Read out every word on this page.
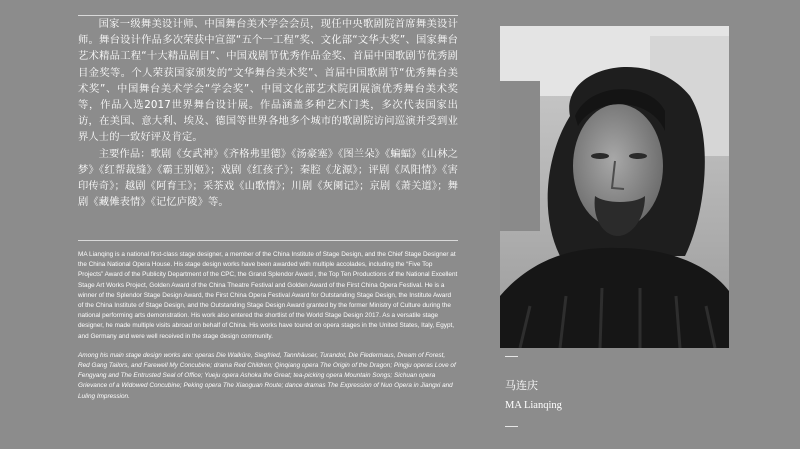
国家一级舞美设计师、中国舞台美术学会会员，现任中央歌剧院首席舞美设计师。舞台设计作品多次荣获中宣部“五个一工程”奖、文化部“文华大奖”、国家舞台艺术精品工程“十大精品剧目”、中国戏剧节优秀作品金奖、首届中国歌剧节优秀剧目金奖等。个人荣获国家颁发的“文华舞台美术奖”、首届中国歌剧节“优秀舞台美术奖”、中国舞台美术学会“学会奖”、中国文化部艺术院团展演优秀舞台美术奖等，作品入选2017世界舞台设计展。作品涵盖多种艺术门类，多次代表国家出访，在美国、意大利、埃及、德国等世界各地多个城市的歌剧院访问巡演并受到业界人士的一致好评及肯定。

主要作品：歌剧《女武神》《齐格弗里德》《汤豪塞》《图兰朵》《蝙蝠》《山林之梦》《红帮裁缝》《霸王别姬》；戏剧《红孩子》；秦腔《龙源》；评剧《凤阳情》《害印传奇》；越剧《阿育王》；采茶戏《山歌情》；川剧《灰阑记》；京剧《萧关道》；舞剧《藏傩表情》《记忆庐陵》等。

MA Lianqing is a national first-class stage designer, a member of the China Institute of Stage Design, and the Chief Stage Designer at the China National Opera House. His stage design works have been awarded with multiple accolades, including the “Five Top Projects” Award of the Publicity Department of the CPC, the Grand Splendor Award , the Top Ten Productions of the National Excellent Stage Art Works Project, Golden Award of the China Theatre Festival and Golden Award of the First China Opera Festival. He is a winner of the Splendor Stage Design Award, the First China Opera Festival Award for Outstanding Stage Design, the Institute Award of the China Institute of Stage Design, and the Outstanding Stage Design Award granted by the former Ministry of Culture during the national performing arts demonstration. His work also entered the shortlist of the World Stage Design 2017. As a versatile stage designer, he made multiple visits abroad on behalf of China. His works have toured on opera stages in the United States, Italy, Egypt, and Germany and were well received in the stage design community.

Among his main stage design works are: operas Die Walküre, Siegfried, Tannhäuser, Turandot, Die Fledermaus, Dream of Forest, Red Gang Tailors, and Farewell My Concubine; drama Red Children; Qinqiang opera The Origin of the Dragon; Pingju operas Love of Fengyang and The Entrusted Seal of Office; Yueju opera Ashoka the Great; tea-picking opera Mountain Songs; Sichuan opera Grievance of a Widowed Concubine; Peking opera The Xiaoguan Route; dance dramas The Expression of Nuo Opera in Jiangxi and Luling Impression.

马连庆
MA Lianqing
